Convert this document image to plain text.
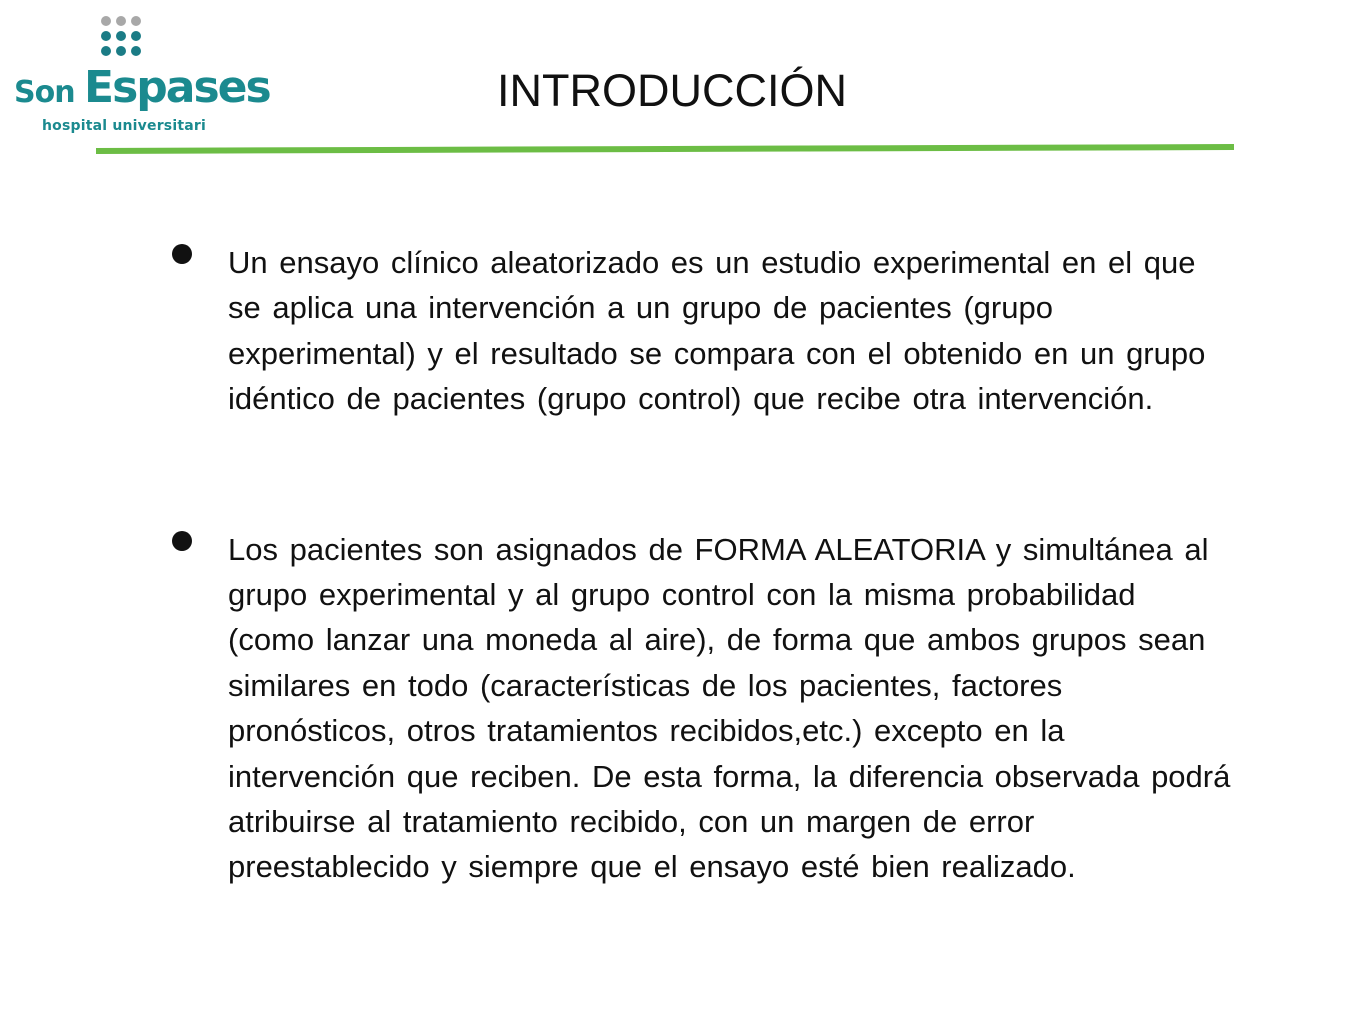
Son Espases
hospital universitari
INTRODUCCIÓN
Un ensayo clínico aleatorizado es un estudio experimental en el que se aplica una intervención a un grupo de pacientes (grupo experimental) y el resultado se compara con el obtenido en un grupo idéntico de pacientes (grupo control) que recibe otra intervención.
Los pacientes son asignados de FORMA ALEATORIA y simultánea al grupo experimental y al grupo control con la misma probabilidad (como lanzar una moneda al aire), de forma que ambos grupos sean similares en todo (características de los pacientes, factores pronósticos, otros tratamientos recibidos,etc.) excepto en la intervención que reciben. De esta forma, la diferencia observada podrá atribuirse al tratamiento recibido, con un margen de error preestablecido y siempre que el ensayo esté bien realizado.
